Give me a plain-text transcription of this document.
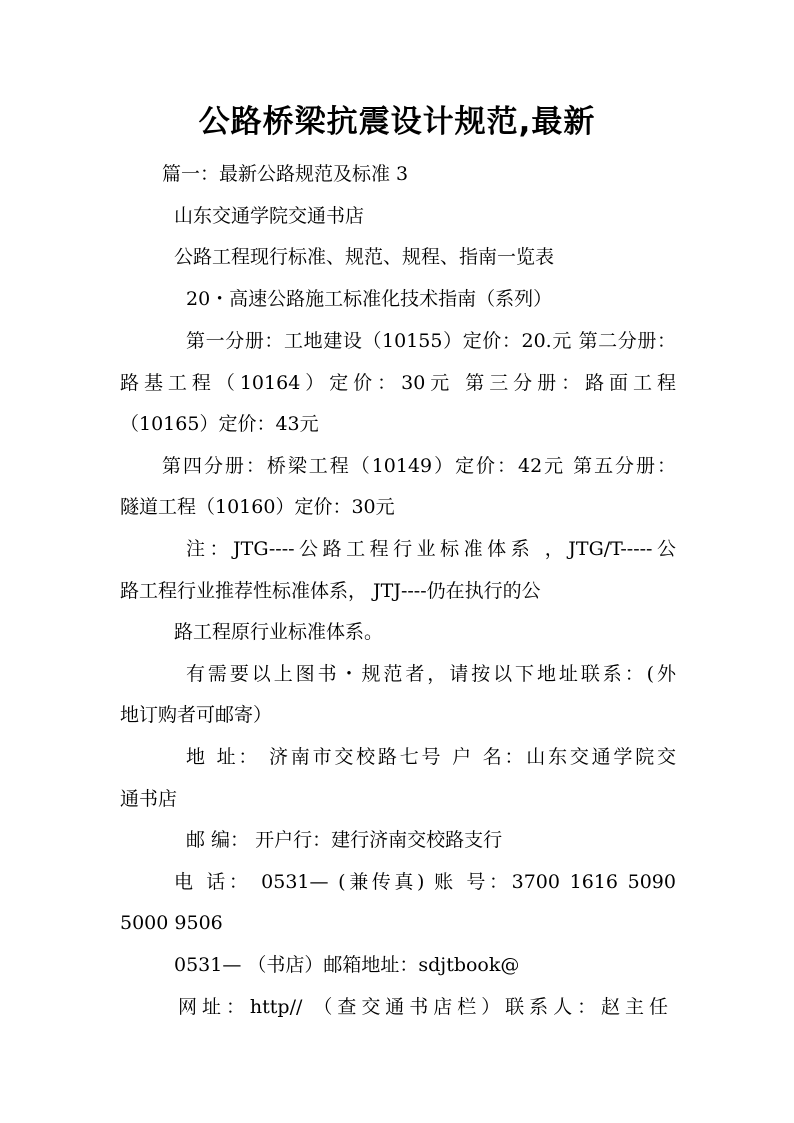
公路桥梁抗震设计规范,最新
篇一：最新公路规范及标准 3
山东交通学院交通书店
公路工程现行标准、规范、规程、指南一览表
20・高速公路施工标准化技术指南（系列）
第一分册：工地建设（10155）定价：20.元 第二分册：
路基工程（10164）定价：30元 第三分册：路面工程
（10165）定价：43元
第四分册：桥梁工程（10149）定价：42元 第五分册：
隧道工程（10160）定价：30元
注：JTG----公路工程行业标准体系 ，JTG/T-----公
路工程行业推荐性标准体系， JTJ----仍在执行的公
路工程原行业标准体系。
有需要以上图书・规范者，请按以下地址联系：(外
地订购者可邮寄）
地 址： 济南市交校路七号 户 名：山东交通学院交
通书店
邮 编： 开户行：建行济南交校路支行
电 话： 0531— (兼传真) 账 号：3700 1616 5090
5000 9506
0531— （书店）邮箱地址：sdjtbook@
网址：http// （查交通书店栏）联系人：赵主任
